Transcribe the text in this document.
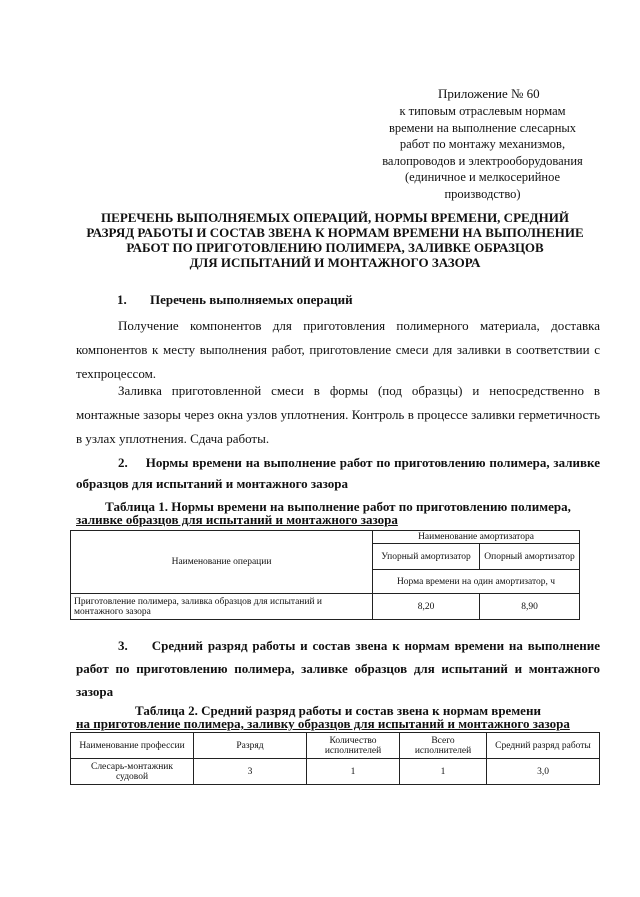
Приложение № 60
к типовым отраслевым нормам
времени на выполнение слесарных
работ по монтажу механизмов,
валопроводов и электрооборудования
(единичное и мелкосерийное
производство)
ПЕРЕЧЕНЬ ВЫПОЛНЯЕМЫХ ОПЕРАЦИЙ, НОРМЫ ВРЕМЕНИ, СРЕДНИЙ
РАЗРЯД РАБОТЫ И СОСТАВ ЗВЕНА К НОРМАМ ВРЕМЕНИ НА ВЫПОЛНЕНИЕ
РАБОТ ПО ПРИГОТОВЛЕНИЮ ПОЛИМЕРА, ЗАЛИВКЕ ОБРАЗЦОВ
ДЛЯ ИСПЫТАНИЙ И МОНТАЖНОГО ЗАЗОРА
1. Перечень выполняемых операций
Получение компонентов для приготовления полимерного материала, доставка компонентов к месту выполнения работ, приготовление смеси для заливки в соответствии с техпроцессом.
Заливка приготовленной смеси в формы (под образцы) и непосредственно в монтажные зазоры через окна узлов уплотнения. Контроль в процессе заливки герметичность в узлах уплотнения. Сдача работы.
2. Нормы времени на выполнение работ по приготовлению полимера, заливке образцов для испытаний и монтажного зазора
Таблица 1. Нормы времени на выполнение работ по приготовлению полимера,
заливке образцов для испытаний и монтажного зазора
Наименование операции	Наименование амортизатора	
	Упорный амортизатор	Опорный амортизатор
	Норма времени на один амортизатор, ч	
Приготовление полимера, заливка образцов для испытаний и монтажного зазора	8,20	8,90
3. Средний разряд работы и состав звена к нормам времени на выполнение работ по приготовлению полимера, заливке образцов для испытаний и монтажного зазора
Таблица 2. Средний разряд работы и состав звена к нормам времени
на приготовление полимера, заливку образцов для испытаний и монтажного зазора
Наименование профессии	Разряд	Количество исполнителей	Всего исполнителей	Средний разряд работы
Слесарь-монтажник судовой	3	1	1	3,0
